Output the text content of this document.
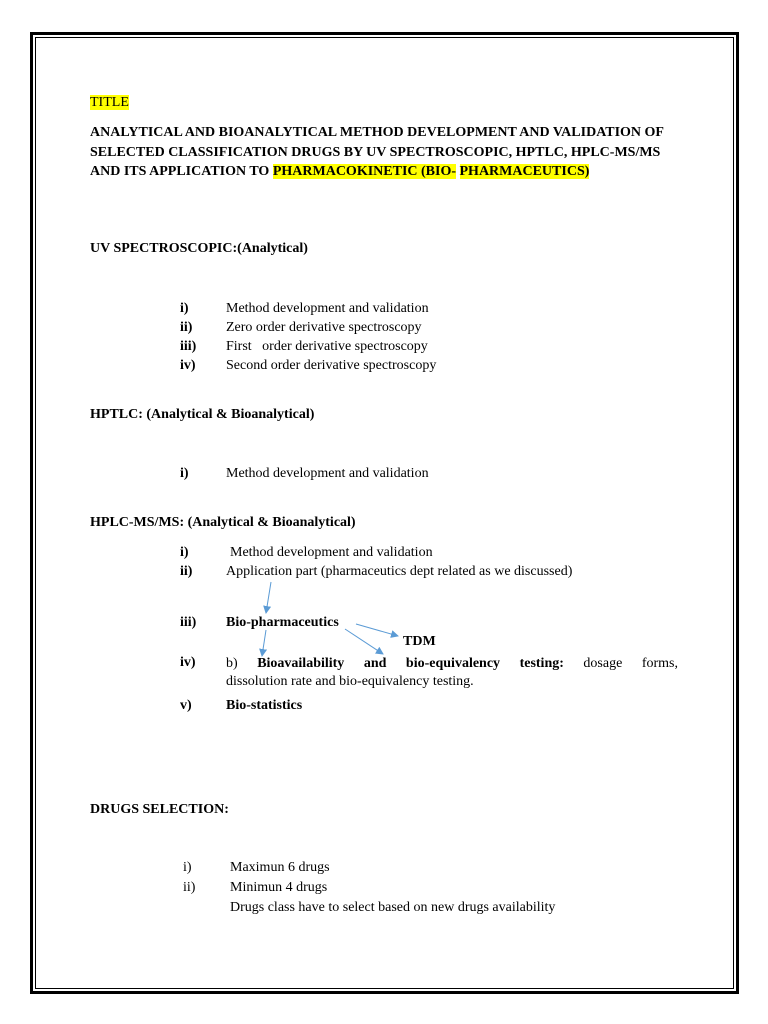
TITLE
ANALYTICAL AND BIOANALYTICAL METHOD DEVELOPMENT AND VALIDATION OF SELECTED CLASSIFICATION DRUGS BY UV SPECTROSCOPIC, HPTLC, HPLC-MS/MS AND ITS APPLICATION TO PHARMACOKINETIC (BIO- PHARMACEUTICS)
UV SPECTROSCOPIC:(Analytical)
i)	Method development and validation
ii) Zero order derivative spectroscopy
iii) First   order derivative spectroscopy
iv) Second order derivative spectroscopy
HPTLC: (Analytical & Bioanalytical)
i)	Method development and validation
HPLC-MS/MS: (Analytical & Bioanalytical)
i)	Method development and validation
ii) Application part (pharmaceutics dept related as we discussed)
iii) Bio-pharmaceutics
TDM
iv) b) Bioavailability and bio-equivalency testing: dosage forms,
dissolution rate and bio-equivalency testing.
v) Bio-statistics
DRUGS SELECTION:
i)	Maximun 6 drugs
ii) Minimun 4 drugs
Drugs class have to select based on new drugs availability
